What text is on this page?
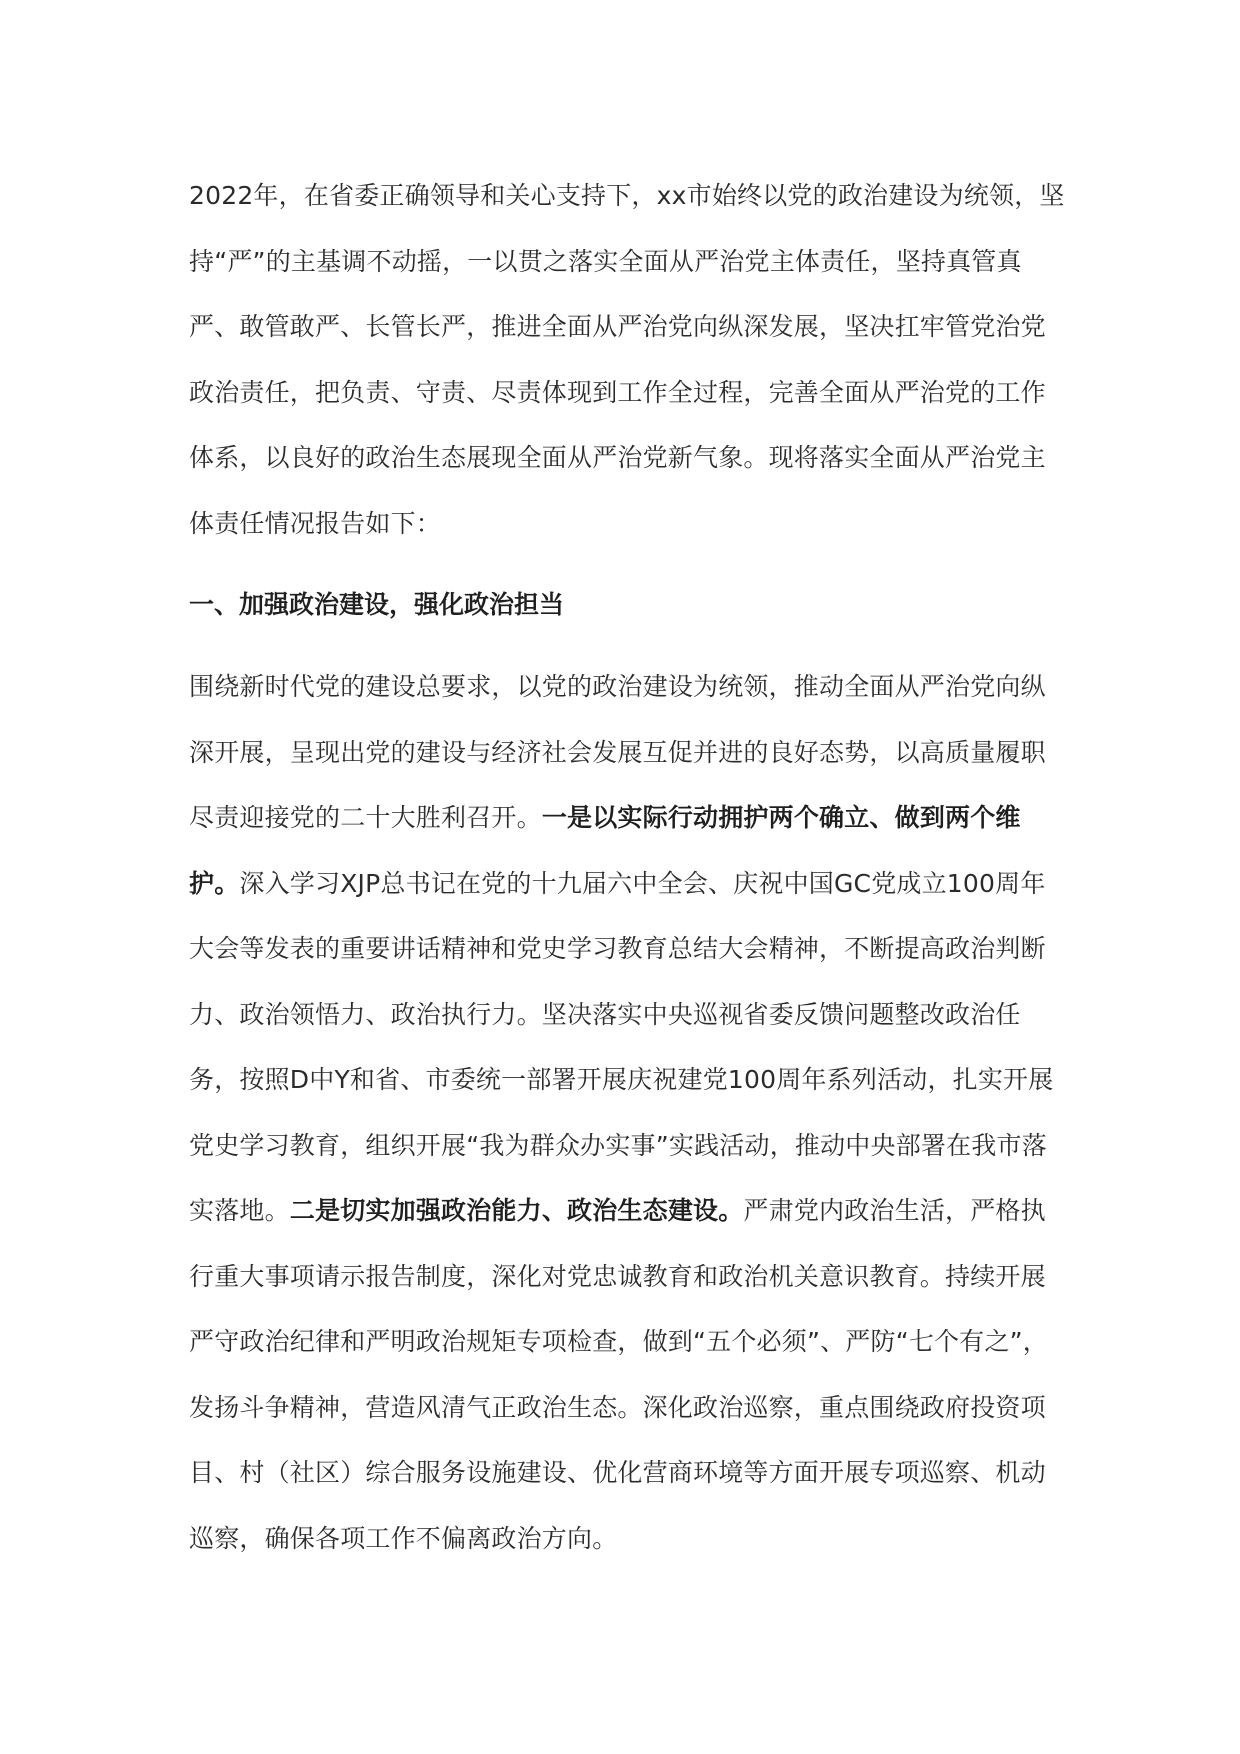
2022年，在省委正确领导和关心支持下，xx市始终以党的政治建设为统领，坚持“严”的主基调不动摇，一以贯之落实全面从严治党主体责任，坚持真管真严、敢管敢严、长管长严，推进全面从严治党向纵深发展，坚决扛牢管党治党政治责任，把负责、守责、尽责体现到工作全过程，完善全面从严治党的工作体系，以良好的政治生态展现全面从严治党新气象。现将落实全面从严治党主体责任情况报告如下：

一、加强政治建设，强化政治担当

围绕新时代党的建设总要求，以党的政治建设为统领，推动全面从严治党向纵深开展，呈现出党的建设与经济社会发展互促并进的良好态势，以高质量履职尽责迎接党的二十大胜利召开。一是以实际行动拥护两个确立、做到两个维护。深入学习XJP总书记在党的十九届六中全会、庆祝中国GC党成立100周年大会等发表的重要讲话精神和党史学习教育总结大会精神，不断提高政治判断力、政治领悟力、政治执行力。坚决落实中央巡视省委反馈问题整改政治任务，按照D中Y和省、市委统一部署开展庆祝建党100周年系列活动，扎实开展党史学习教育，组织开展“我为群众办实事”实践活动，推动中央部署在我市落实落地。二是切实加强政治能力、政治生态建设。严肃党内政治生活，严格执行重大事项请示报告制度，深化对党忠诚教育和政治机关意识教育。持续开展严守政治纪律和严明政治规矩专项检查，做到“五个必须”、严防“七个有之”，发扬斗争精神，营造风清气正政治生态。深化政治巡察，重点围绕政府投资项目、村（社区）综合服务设施建设、优化营商环境等方面开展专项巡察、机动巡察，确保各项工作不偏离政治方向。
